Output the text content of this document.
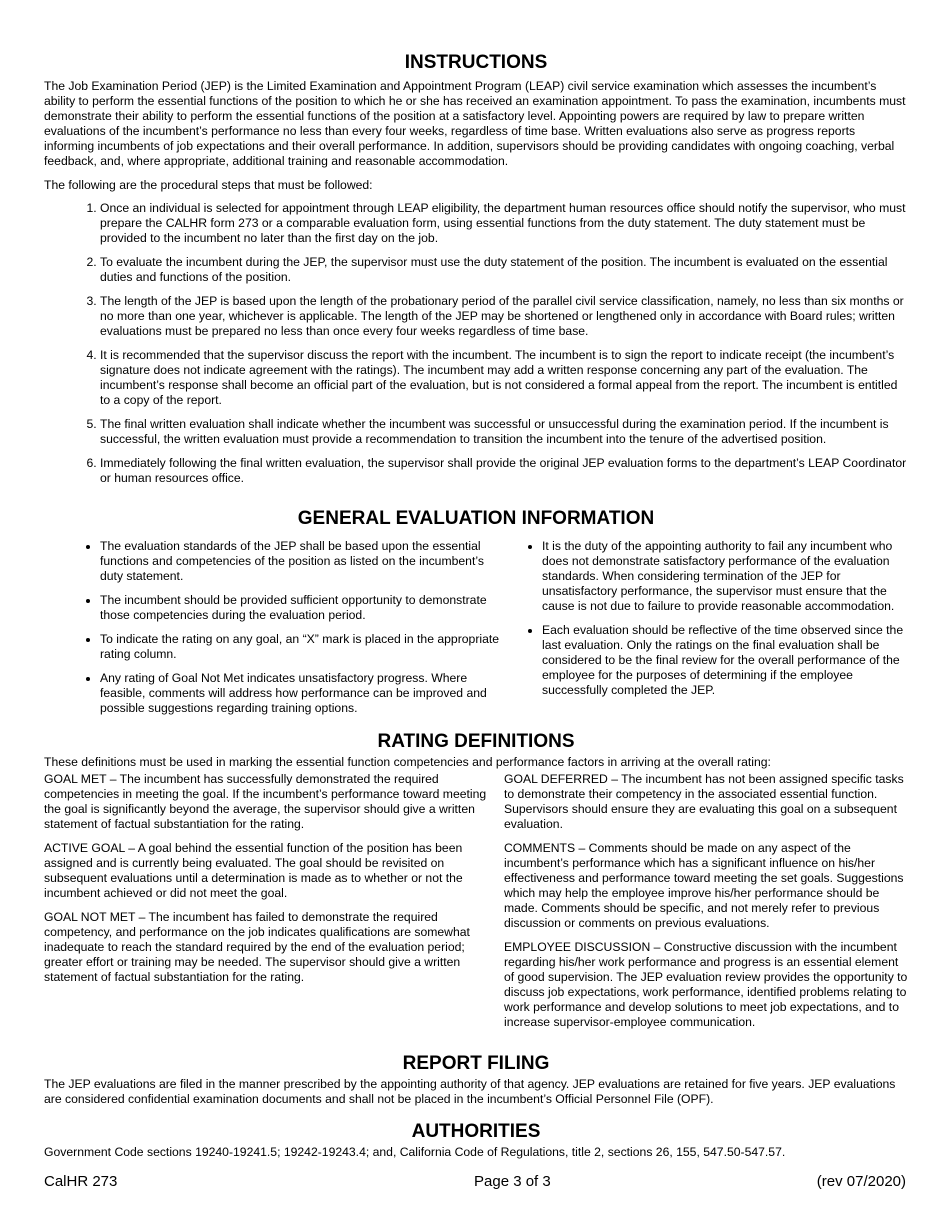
INSTRUCTIONS

The Job Examination Period (JEP) is the Limited Examination and Appointment Program (LEAP) civil service examination which assesses the incumbent’s ability to perform the essential functions of the position to which he or she has received an examination appointment. To pass the examination, incumbents must demonstrate their ability to perform the essential functions of the position at a satisfactory level. Appointing powers are required by law to prepare written evaluations of the incumbent’s performance no less than every four weeks, regardless of time base. Written evaluations also serve as progress reports informing incumbents of job expectations and their overall performance. In addition, supervisors should be providing candidates with ongoing coaching, verbal feedback, and, where appropriate, additional training and reasonable accommodation.

The following are the procedural steps that must be followed:

1. Once an individual is selected for appointment through LEAP eligibility, the department human resources office should notify the supervisor, who must prepare the CALHR form 273 or a comparable evaluation form, using essential functions from the duty statement. The duty statement must be provided to the incumbent no later than the first day on the job.
2. To evaluate the incumbent during the JEP, the supervisor must use the duty statement of the position. The incumbent is evaluated on the essential duties and functions of the position.
3. The length of the JEP is based upon the length of the probationary period of the parallel civil service classification, namely, no less than six months or no more than one year, whichever is applicable. The length of the JEP may be shortened or lengthened only in accordance with Board rules; written evaluations must be prepared no less than once every four weeks regardless of time base.
4. It is recommended that the supervisor discuss the report with the incumbent. The incumbent is to sign the report to indicate receipt (the incumbent’s signature does not indicate agreement with the ratings). The incumbent may add a written response concerning any part of the evaluation. The incumbent’s response shall become an official part of the evaluation, but is not considered a formal appeal from the report. The incumbent is entitled to a copy of the report.
5. The final written evaluation shall indicate whether the incumbent was successful or unsuccessful during the examination period. If the incumbent is successful, the written evaluation must provide a recommendation to transition the incumbent into the tenure of the advertised position.
6. Immediately following the final written evaluation, the supervisor shall provide the original JEP evaluation forms to the department’s LEAP Coordinator or human resources office.
GENERAL EVALUATION INFORMATION
• The evaluation standards of the JEP shall be based upon the essential functions and competencies of the position as listed on the incumbent’s duty statement.
• The incumbent should be provided sufficient opportunity to demonstrate those competencies during the evaluation period.
• To indicate the rating on any goal, an “X” mark is placed in the appropriate rating column.
• Any rating of Goal Not Met indicates unsatisfactory progress. Where feasible, comments will address how performance can be improved and possible suggestions regarding training options.
• It is the duty of the appointing authority to fail any incumbent who does not demonstrate satisfactory performance of the evaluation standards. When considering termination of the JEP for unsatisfactory performance, the supervisor must ensure that the cause is not due to failure to provide reasonable accommodation.
• Each evaluation should be reflective of the time observed since the last evaluation. Only the ratings on the final evaluation shall be considered to be the final review for the overall performance of the employee for the purposes of determining if the employee successfully completed the JEP.
RATING DEFINITIONS

These definitions must be used in marking the essential function competencies and performance factors in arriving at the overall rating:

GOAL MET – The incumbent has successfully demonstrated the required competencies in meeting the goal. If the incumbent’s performance toward meeting the goal is significantly beyond the average, the supervisor should give a written statement of factual substantiation for the rating.

ACTIVE GOAL – A goal behind the essential function of the position has been assigned and is currently being evaluated. The goal should be revisited on subsequent evaluations until a determination is made as to whether or not the incumbent achieved or did not meet the goal.

GOAL NOT MET – The incumbent has failed to demonstrate the required competency, and performance on the job indicates qualifications are somewhat inadequate to reach the standard required by the end of the evaluation period; greater effort or training may be needed. The supervisor should give a written statement of factual substantiation for the rating.

GOAL DEFERRED – The incumbent has not been assigned specific tasks to demonstrate their competency in the associated essential function. Supervisors should ensure they are evaluating this goal on a subsequent evaluation.

COMMENTS – Comments should be made on any aspect of the incumbent’s performance which has a significant influence on his/her effectiveness and performance toward meeting the set goals. Suggestions which may help the employee improve his/her performance should be made. Comments should be specific, and not merely refer to previous discussion or comments on previous evaluations.

EMPLOYEE DISCUSSION – Constructive discussion with the incumbent regarding his/her work performance and progress is an essential element of good supervision. The JEP evaluation review provides the opportunity to discuss job expectations, work performance, identified problems relating to work performance and develop solutions to meet job expectations, and to increase supervisor-employee communication.

REPORT FILING

The JEP evaluations are filed in the manner prescribed by the appointing authority of that agency. JEP evaluations are retained for five years. JEP evaluations are considered confidential examination documents and shall not be placed in the incumbent’s Official Personnel File (OPF).

AUTHORITIES

Government Code sections 19240-19241.5; 19242-19243.4; and, California Code of Regulations, title 2, sections 26, 155, 547.50-547.57.

CalHR 273	Page 3 of 3	(rev 07/2020)
